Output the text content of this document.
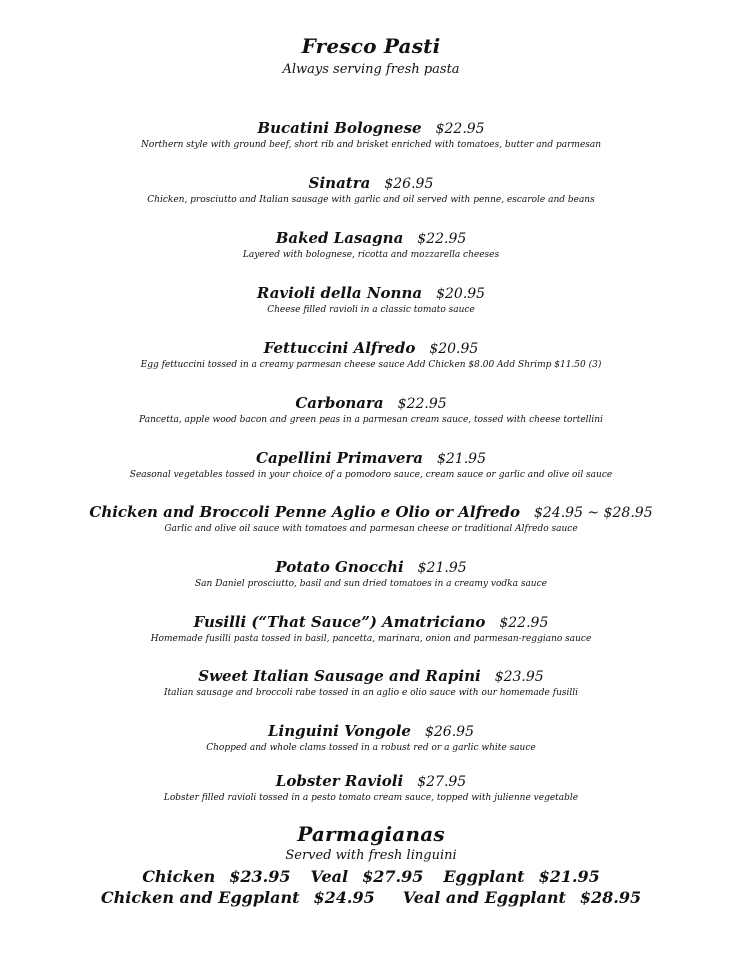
Fresco Pasti
Always serving fresh pasta
Bucatini Bolognese $22.95
Northern style with ground beef, short rib and brisket enriched with tomatoes, butter and parmesan
Sinatra $26.95
Chicken, prosciutto and Italian sausage with garlic and oil served with penne, escarole and beans
Baked Lasagna $22.95
Layered with bolognese, ricotta and mozzarella cheeses
Ravioli della Nonna $20.95
Cheese filled ravioli in a classic tomato sauce
Fettuccini Alfredo $20.95
Egg fettuccini tossed in a creamy parmesan cheese sauce Add Chicken $8.00 Add Shrimp $11.50 (3)
Carbonara $22.95
Pancetta, apple wood bacon and green peas in a parmesan cream sauce, tossed with cheese tortellini
Capellini Primavera $21.95
Seasonal vegetables tossed in your choice of a pomodoro sauce, cream sauce or garlic and olive oil sauce
Chicken and Broccoli Penne Aglio e Olio or Alfredo $24.95 ~ $28.95
Garlic and olive oil sauce with tomatoes and parmesan cheese or traditional Alfredo sauce
Potato Gnocchi $21.95
San Daniel prosciutto, basil and sun dried tomatoes in a creamy vodka sauce
Fusilli (“That Sauce”) Amatriciano $22.95
Homemade fusilli pasta tossed in basil, pancetta, marinara, onion and parmesan-reggiano sauce
Sweet Italian Sausage and Rapini $23.95
Italian sausage and broccoli rabe tossed in an aglio e olio sauce with our homemade fusilli
Linguini Vongole $26.95
Chopped and whole clams tossed in a robust red or a garlic white sauce
Lobster Ravioli $27.95
Lobster filled ravioli tossed in a pesto tomato cream sauce, topped with julienne vegetable
Parmagianas
Served with fresh linguini
Chicken $23.95 Veal $27.95 Eggplant $21.95
Chicken and Eggplant $24.95 Veal and Eggplant $28.95
